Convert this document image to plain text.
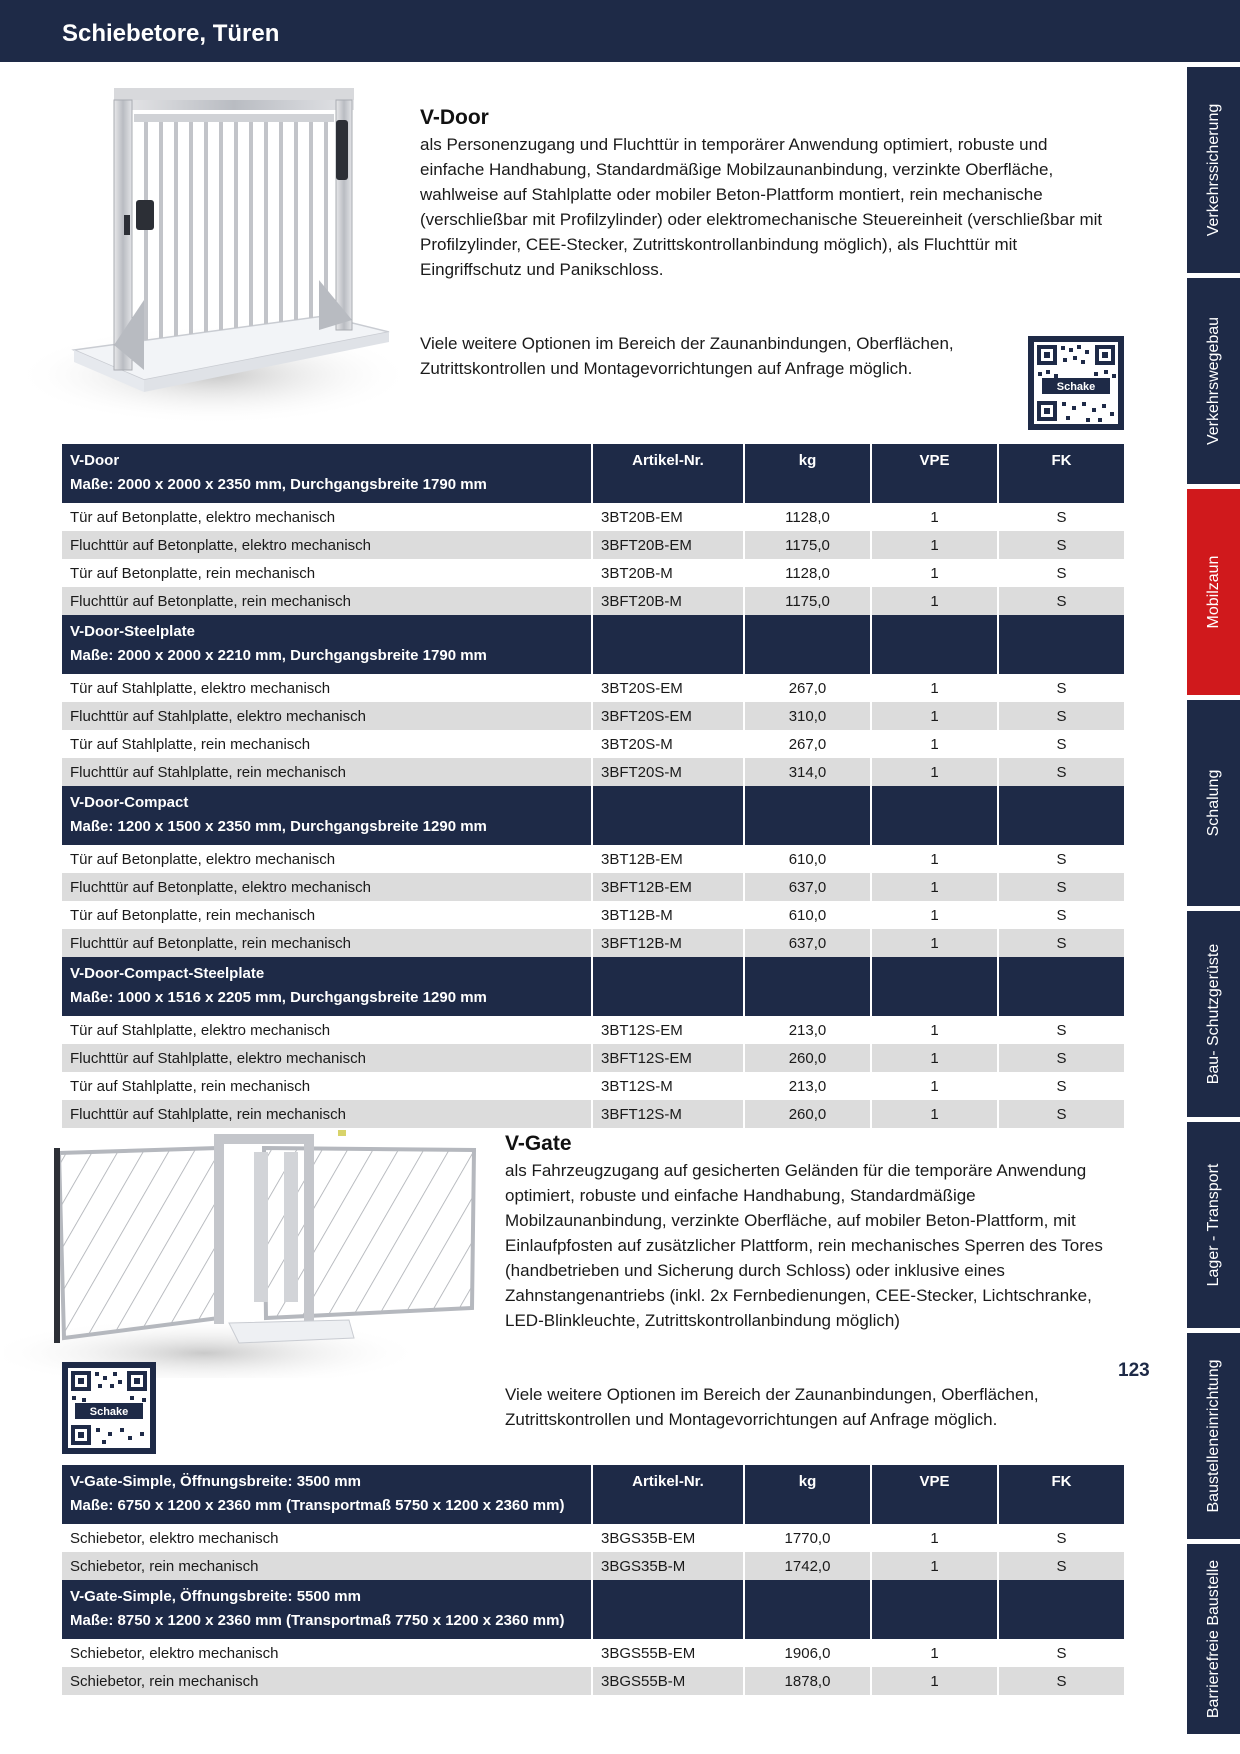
Schiebetore, Türen
Verkehrssicherung
Verkehrswegebau
Mobilzaun
Schalung
Bau- Schutzgerüste
Lager - Transport
Baustelleneinrichtung
Barrierefreie Baustelle
V-Door

als Personenzugang und Fluchttür in temporärer Anwendung optimiert, robuste und einfache Handhabung, Standardmäßige Mobilzaunanbindung, verzinkte Oberfläche, wahlweise auf Stahlplatte oder mobiler Beton-Plattform montiert, rein mechanische (verschließbar mit Profilzylinder) oder elektromechanische Steuereinheit (verschließbar mit Profilzylinder, CEE-Stecker, Zutrittskontrollanbindung möglich), als Fluchttür mit Eingriffschutz und Panikschloss.

Viele weitere Optionen im Bereich der Zaunanbindungen, Oberflächen, Zutrittskontrollen und Montagevorrichtungen auf Anfrage möglich.

Schake
V-Door
Maße: 2000 x 2000 x 2350 mm, Durchgangsbreite 1790 mm	Artikel-Nr.	kg	VPE	FK
Tür auf Betonplatte, elektro mechanisch	3BT20B-EM	1128,0	1	S
Fluchttür auf Betonplatte, elektro mechanisch	3BFT20B-EM	1175,0	1	S
Tür auf Betonplatte, rein mechanisch	3BT20B-M	1128,0	1	S
Fluchttür auf Betonplatte, rein mechanisch	3BFT20B-M	1175,0	1	S

V-Door-Steelplate
Maße: 2000 x 2000 x 2210 mm, Durchgangsbreite 1790 mm				

Tür auf Stahlplatte, elektro mechanisch	3BT20S-EM	267,0	1	S
Fluchttür auf Stahlplatte, elektro mechanisch	3BFT20S-EM	310,0	1	S
Tür auf Stahlplatte, rein mechanisch	3BT20S-M	267,0	1	S
Fluchttür auf Stahlplatte, rein mechanisch	3BFT20S-M	314,0	1	S

V-Door-Compact
Maße: 1200 x 1500 x 2350 mm, Durchgangsbreite 1290 mm				

Tür auf Betonplatte, elektro mechanisch	3BT12B-EM	610,0	1	S
Fluchttür auf Betonplatte, elektro mechanisch	3BFT12B-EM	637,0	1	S
Tür auf Betonplatte, rein mechanisch	3BT12B-M	610,0	1	S
Fluchttür auf Betonplatte, rein mechanisch	3BFT12B-M	637,0	1	S

V-Door-Compact-Steelplate
Maße: 1000 x 1516 x 2205 mm, Durchgangsbreite 1290 mm				

Tür auf Stahlplatte, elektro mechanisch	3BT12S-EM	213,0	1	S
Fluchttür auf Stahlplatte, elektro mechanisch	3BFT12S-EM	260,0	1	S
Tür auf Stahlplatte, rein mechanisch	3BT12S-M	213,0	1	S
Fluchttür auf Stahlplatte, rein mechanisch	3BFT12S-M	260,0	1	S
Schake
V-Gate

als Fahrzeugzugang auf gesicherten Geländen für die temporäre Anwendung optimiert, robuste und einfache Handhabung, Standardmäßige Mobilzaunanbindung, verzinkte Oberfläche, auf mobiler Beton-Plattform, mit Einlaufpfosten auf zusätzlicher Plattform, rein mechanisches Sperren des Tores (handbetrieben und Sicherung durch Schloss) oder inklusive eines Zahnstangenantriebs (inkl. 2x Fernbedienungen, CEE-Stecker, Lichtschranke, LED-Blinkleuchte, Zutrittskontrollanbindung möglich)

Viele weitere Optionen im Bereich der Zaunanbindungen, Oberflächen, Zutrittskontrollen und Montagevorrichtungen auf Anfrage möglich.

V-Gate-Simple, Öffnungsbreite: 3500 mm
Maße: 6750 x 1200 x 2360 mm (Transportmaß 5750 x 1200 x 2360 mm)	Artikel-Nr.	kg	VPE	FK
Schiebetor, elektro mechanisch	3BGS35B-EM	1770,0	1	S
Schiebetor, rein mechanisch	3BGS35B-M	1742,0	1	S

V-Gate-Simple, Öffnungsbreite: 5500 mm
Maße: 8750 x 1200 x 2360 mm (Transportmaß 7750 x 1200 x 2360 mm)				

Schiebetor, elektro mechanisch	3BGS55B-EM	1906,0	1	S
Schiebetor, rein mechanisch	3BGS55B-M	1878,0	1	S
123
